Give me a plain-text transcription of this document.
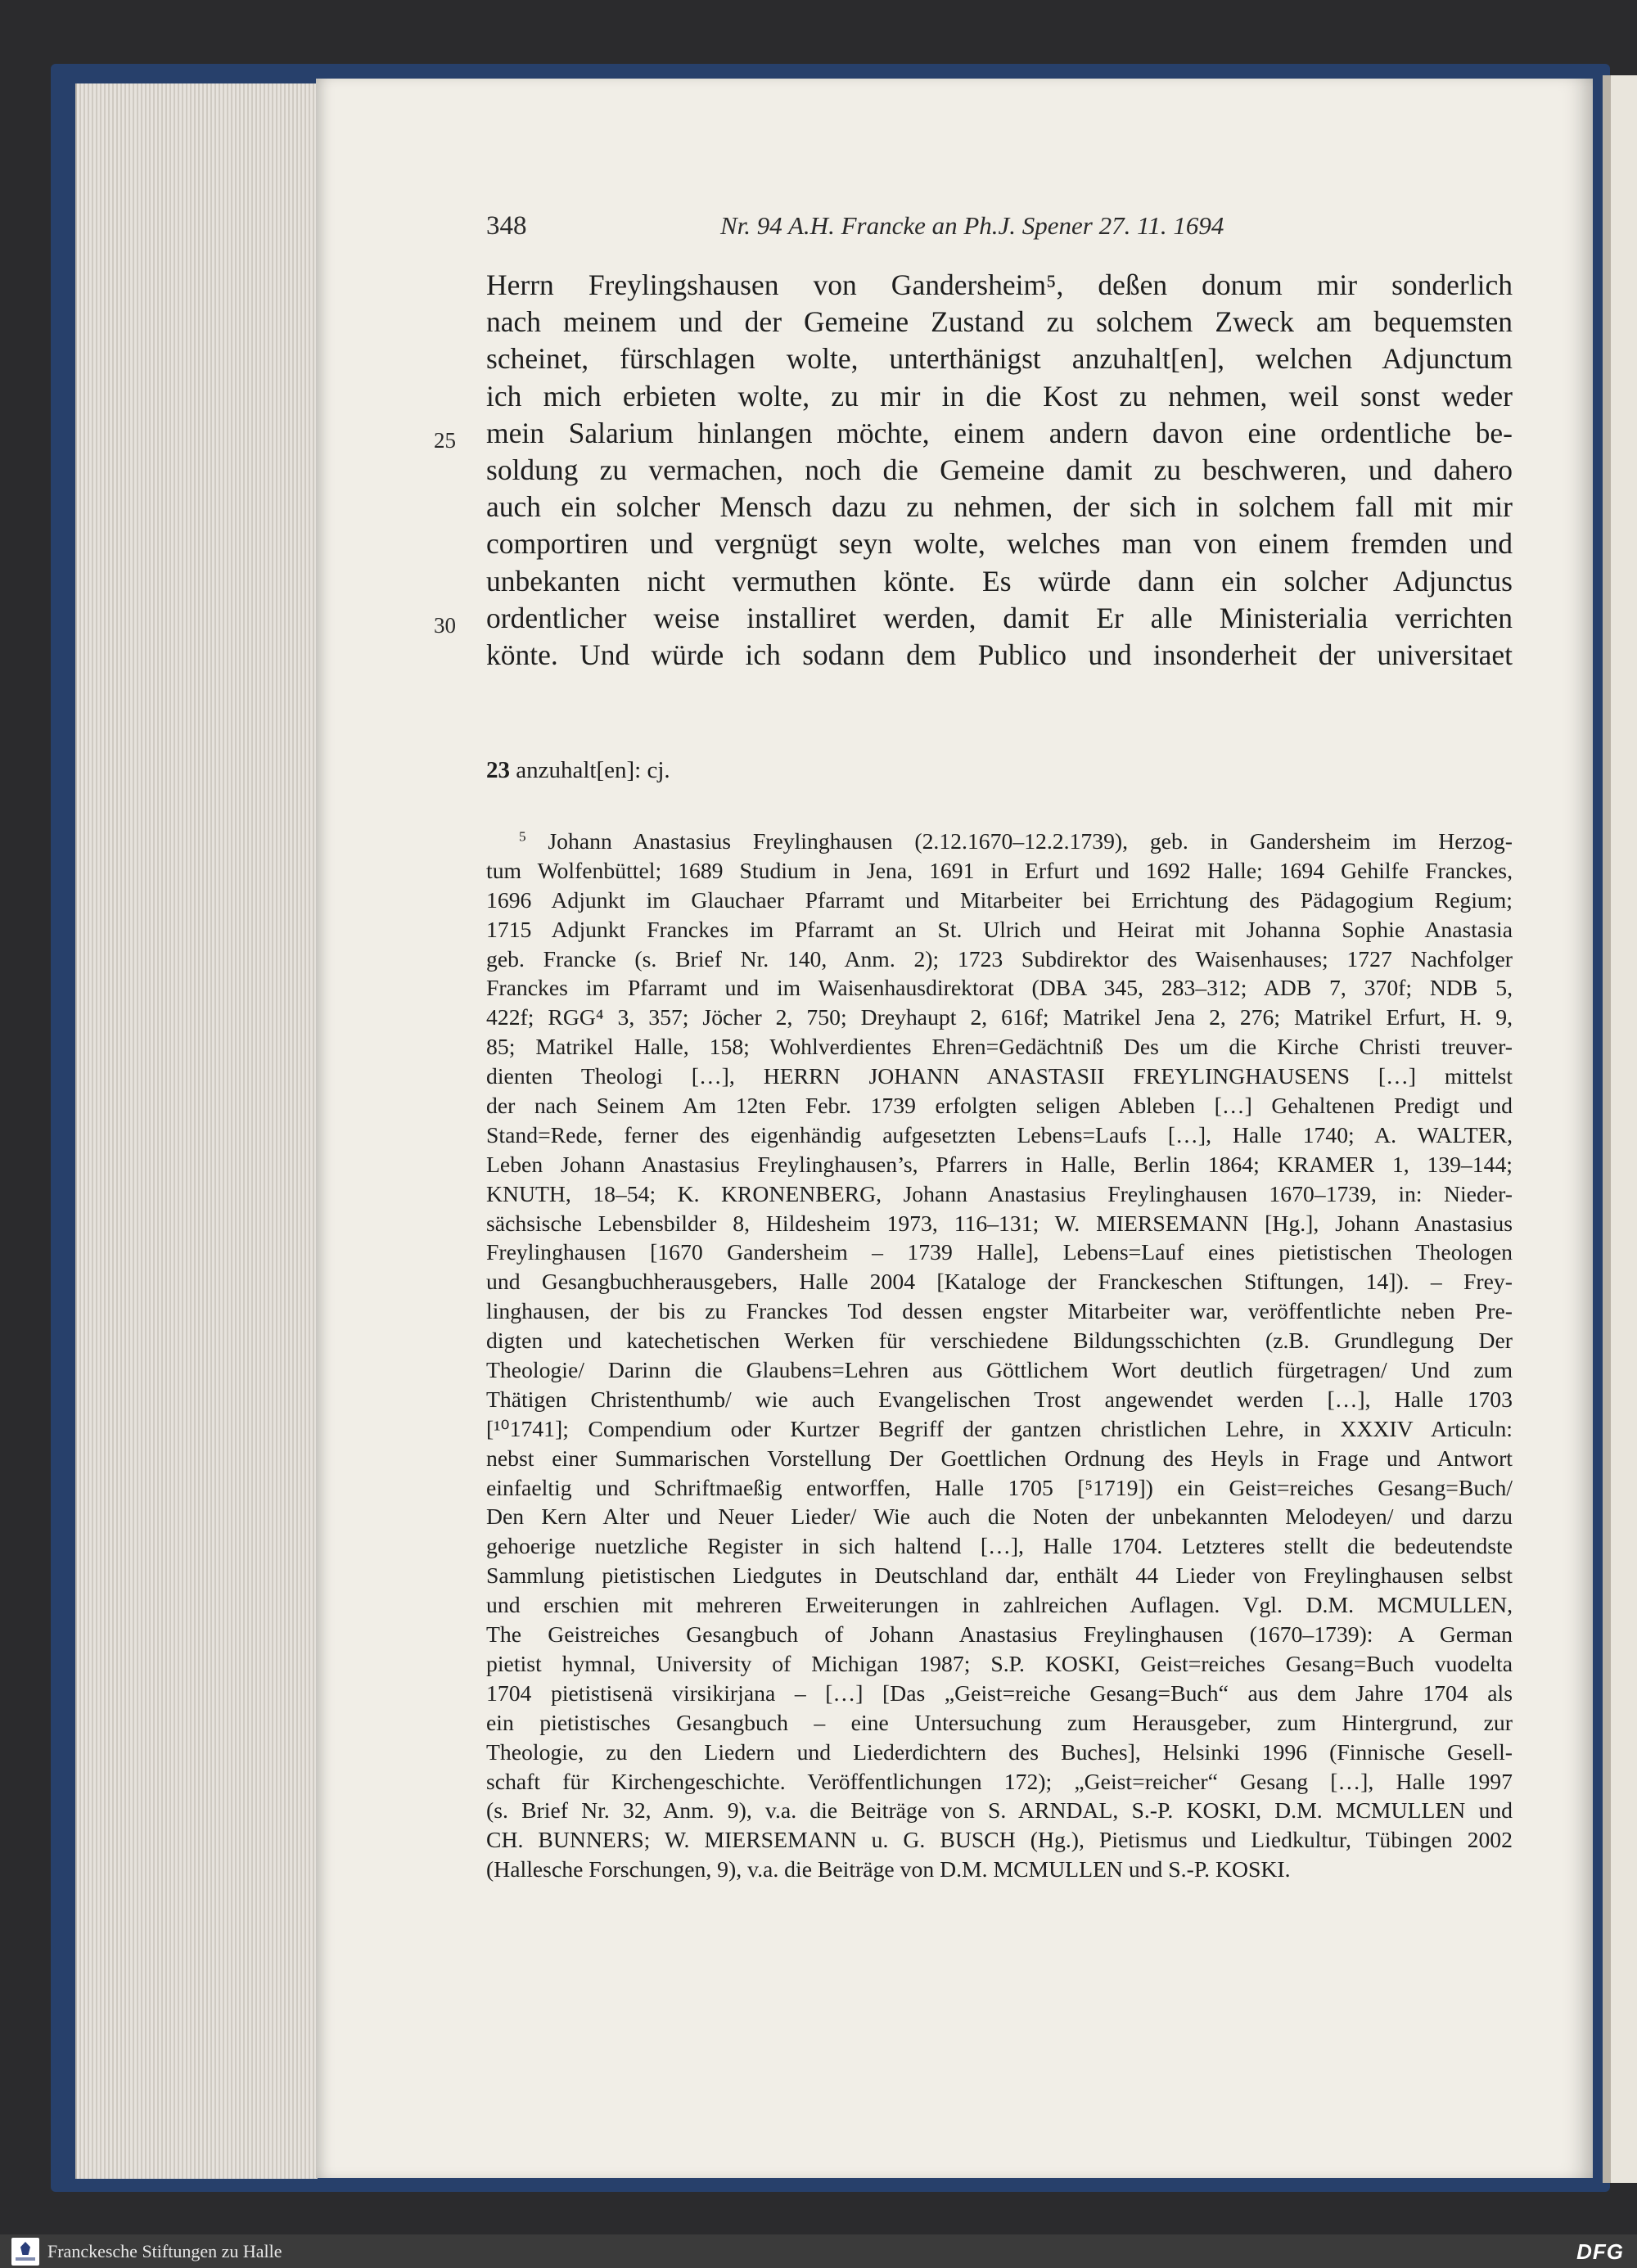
348	Nr. 94 A.H. Francke an Ph.J. Spener 27. 11. 1694
25
30
Herrn Freylingshausen von Gandersheim⁵, deßen donum mir sonderlich
nach meinem und der Gemeine Zustand zu solchem Zweck am bequemsten
scheinet, fürschlagen wolte, unterthänigst anzuhalt[en], welchen Adjunctum
ich mich erbieten wolte, zu mir in die Kost zu nehmen, weil sonst weder
mein Salarium hinlangen möchte, einem andern davon eine ordentliche be-
soldung zu vermachen, noch die Gemeine damit zu beschweren, und dahero
auch ein solcher Mensch dazu zu nehmen, der sich in solchem fall mit mir
comportiren und vergnügt seyn wolte, welches man von einem fremden und
unbekanten nicht vermuthen könte. Es würde dann ein solcher Adjunctus
ordentlicher weise installiret werden, damit Er alle Ministerialia verrichten
könte. Und würde ich sodann dem Publico und insonderheit der universitaet
23 anzuhalt[en]: cj.
$^5$ Johann Anastasius Freylinghausen (2.12.1670–12.2.1739), geb. in Gandersheim im Herzog-
tum Wolfenbüttel; 1689 Studium in Jena, 1691 in Erfurt und 1692 Halle; 1694 Gehilfe Franckes,
1696 Adjunkt im Glauchaer Pfarramt und Mitarbeiter bei Errichtung des Pädagogium Regium;
1715 Adjunkt Franckes im Pfarramt an St. Ulrich und Heirat mit Johanna Sophie Anastasia
geb. Francke (s. Brief Nr. 140, Anm. 2); 1723 Subdirektor des Waisenhauses; 1727 Nachfolger
Franckes im Pfarramt und im Waisenhausdirektorat (DBA 345, 283–312; ADB 7, 370f; NDB 5,
422f; RGG⁴ 3, 357; Jöcher 2, 750; Dreyhaupt 2, 616f; Matrikel Jena 2, 276; Matrikel Erfurt, H. 9,
85; Matrikel Halle, 158; Wohlverdientes Ehren=Gedächtniß Des um die Kirche Christi treuver-
dienten Theologi […], HERRN JOHANN ANASTASII FREYLINGHAUSENS […] mittelst
der nach Seinem Am 12ten Febr. 1739 erfolgten seligen Ableben […] Gehaltenen Predigt und
Stand=Rede, ferner des eigenhändig aufgesetzten Lebens=Laufs […], Halle 1740; A. WALTER,
Leben Johann Anastasius Freylinghausen’s, Pfarrers in Halle, Berlin 1864; KRAMER 1, 139–144;
KNUTH, 18–54; K. KRONENBERG, Johann Anastasius Freylinghausen 1670–1739, in: Nieder-
sächsische Lebensbilder 8, Hildesheim 1973, 116–131; W. MIERSEMANN [Hg.], Johann Anastasius
Freylinghausen [1670 Gandersheim – 1739 Halle], Lebens=Lauf eines pietistischen Theologen
und Gesangbuchherausgebers, Halle 2004 [Kataloge der Franckeschen Stiftungen, 14]). – Frey-
linghausen, der bis zu Franckes Tod dessen engster Mitarbeiter war, veröffentlichte neben Pre-
digten und katechetischen Werken für verschiedene Bildungsschichten (z.B. Grundlegung Der
Theologie/ Darinn die Glaubens=Lehren aus Göttlichem Wort deutlich fürgetragen/ Und zum
Thätigen Christenthumb/ wie auch Evangelischen Trost angewendet werden […], Halle 1703
[¹⁰1741]; Compendium oder Kurtzer Begriff der gantzen christlichen Lehre, in XXXIV Articuln:
nebst einer Summarischen Vorstellung Der Goettlichen Ordnung des Heyls in Frage und Antwort
einfaeltig und Schriftmaeßig entworffen, Halle 1705 [⁵1719]) ein Geist=reiches Gesang=Buch/
Den Kern Alter und Neuer Lieder/ Wie auch die Noten der unbekannten Melodeyen/ und darzu
gehoerige nuetzliche Register in sich haltend […], Halle 1704. Letzteres stellt die bedeutendste
Sammlung pietistischen Liedgutes in Deutschland dar, enthält 44 Lieder von Freylinghausen selbst
und erschien mit mehreren Erweiterungen in zahlreichen Auflagen. Vgl. D.M. MCMULLEN,
The Geistreiches Gesangbuch of Johann Anastasius Freylinghausen (1670–1739): A German
pietist hymnal, University of Michigan 1987; S.P. KOSKI, Geist=reiches Gesang=Buch vuodelta
1704 pietistisenä virsikirjana – […] [Das „Geist=reiche Gesang=Buch“ aus dem Jahre 1704 als
ein pietistisches Gesangbuch – eine Untersuchung zum Herausgeber, zum Hintergrund, zur
Theologie, zu den Liedern und Liederdichtern des Buches], Helsinki 1996 (Finnische Gesell-
schaft für Kirchengeschichte. Veröffentlichungen 172); „Geist=reicher“ Gesang […], Halle 1997
(s. Brief Nr. 32, Anm. 9), v.a. die Beiträge von S. ARNDAL, S.-P. KOSKI, D.M. MCMULLEN und
CH. BUNNERS; W. MIERSEMANN u. G. BUSCH (Hg.), Pietismus und Liedkultur, Tübingen 2002
(Hallesche Forschungen, 9), v.a. die Beiträge von D.M. MCMULLEN und S.-P. KOSKI.
Franckesche Stiftungen zu Halle	DFG
